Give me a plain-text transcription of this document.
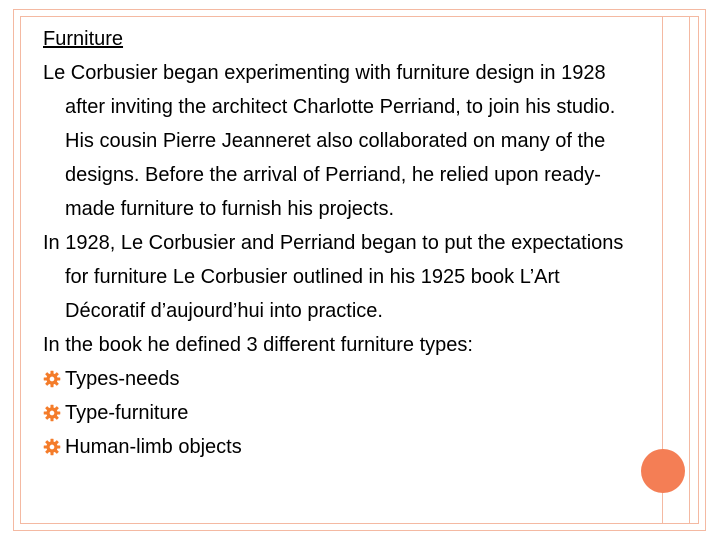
Furniture

Le Corbusier began experimenting with furniture design in 1928 after inviting the architect Charlotte Perriand, to join his studio. His cousin Pierre Jeanneret also collaborated on many of the designs. Before the arrival of Perriand, he relied upon ready-made furniture to furnish his projects.

In 1928, Le Corbusier and Perriand began to put the expectations for furniture Le Corbusier outlined in his 1925 book L’Art Décoratif d’aujourd’hui into practice.

In the book he defined 3 different furniture types:

Types-needs
Type-furniture
Human-limb objects
